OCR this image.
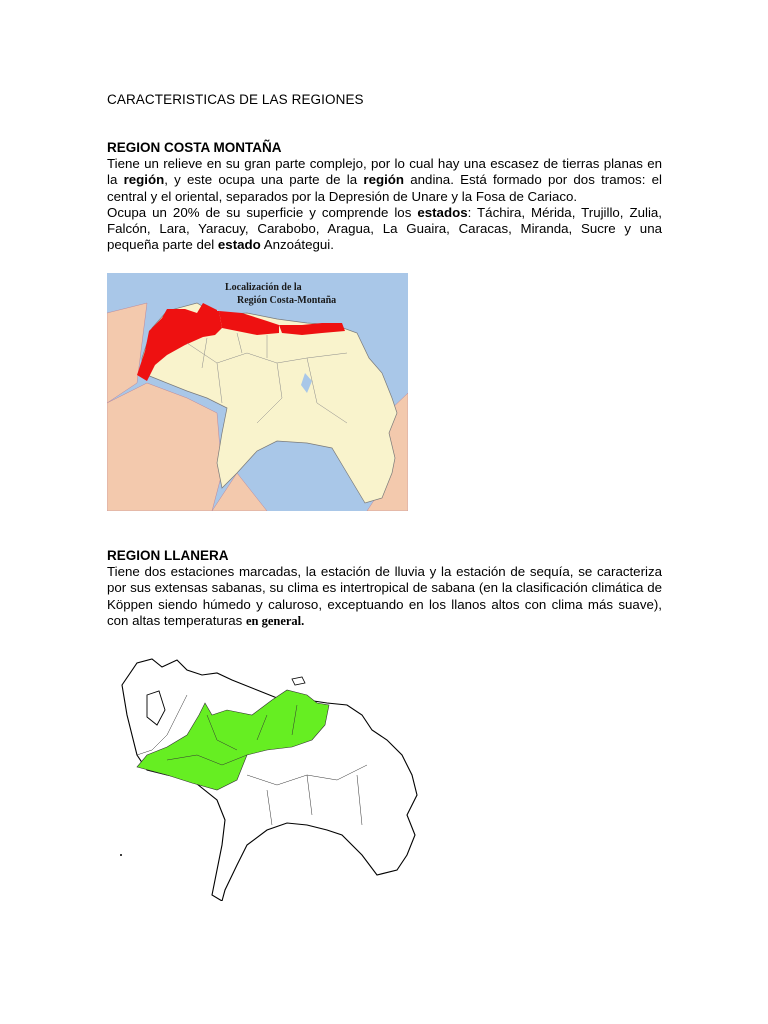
CARACTERISTICAS DE LAS REGIONES
REGION COSTA MONTAÑA

Tiene un relieve en su gran parte complejo, por lo cual hay una escasez de tierras planas en la región, y este ocupa una parte de la región andina. Está formado por dos tramos: el central y el oriental, separados por la Depresión de Unare y la Fosa de Cariaco.
Ocupa un 20% de su superficie y comprende los estados: Táchira, Mérida, Trujillo, Zulia, Falcón, Lara, Yaracuy, Carabobo, Aragua, La Guaira, Caracas, Miranda, Sucre y una pequeña parte del estado Anzoátegui.

Localización de la
Región Costa-Montaña
REGION LLANERA

Tiene dos estaciones marcadas, la estación de lluvia y la estación de sequía, se caracteriza por sus extensas sabanas, su clima es intertropical de sabana (en la clasificación climática de Köppen siendo húmedo y caluroso, exceptuando en los llanos altos con clima más suave), con altas temperaturas en general.
